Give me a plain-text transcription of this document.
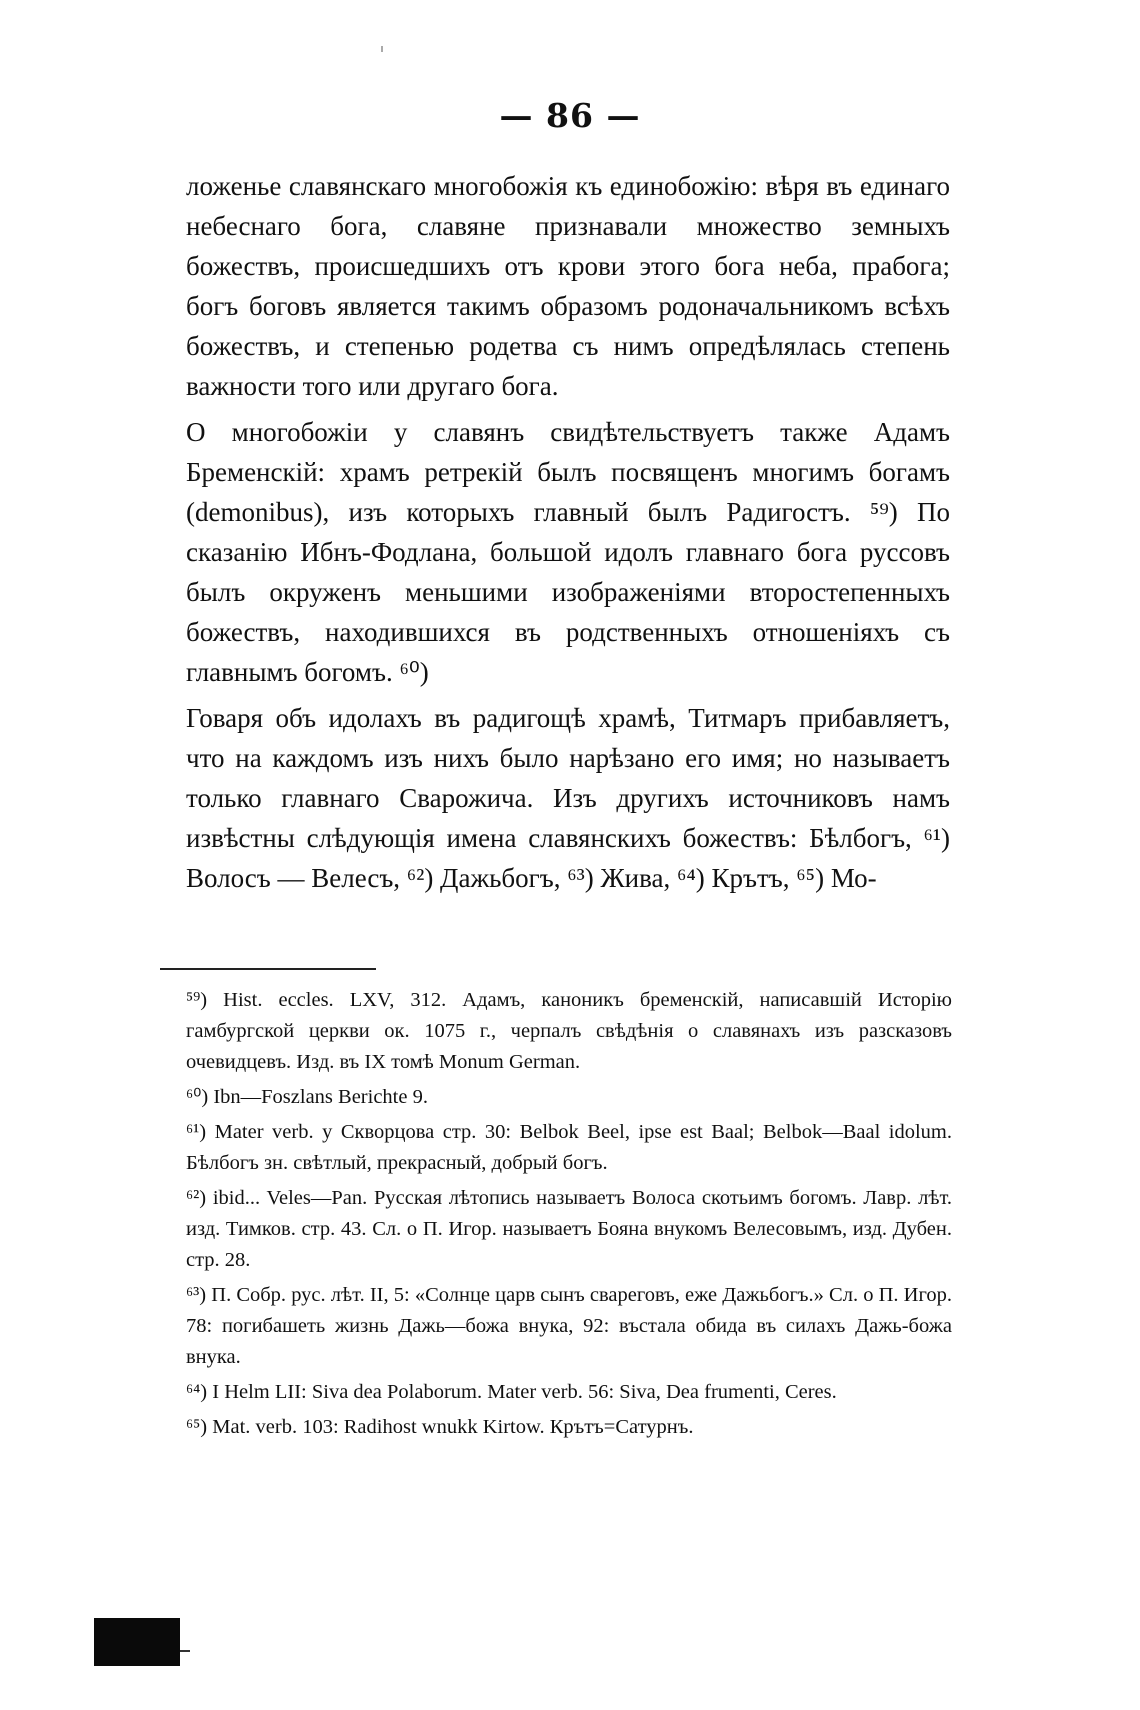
— 86 —

ложенье славянскаго многобожія къ единобожію: вѣря въ единаго небеснаго бога, славяне признавали множество земныхъ божествъ, происшедшихъ отъ крови этого бога неба, прабога; богъ боговъ является такимъ образомъ родоначальникомъ всѣхъ божествъ, и степенью родетва съ нимъ опредѣлялась степень важности того или другаго бога.

О многобожіи у славянъ свидѣтельствуетъ также Адамъ Бременскій: храмъ ретрекій былъ посвященъ многимъ богамъ (demonibus), изъ которыхъ главный былъ Радигостъ. ⁵⁹) По сказанію Ибнъ-Фодлана, большой идолъ главнаго бога руссовъ былъ окруженъ меньшими изображеніями второстепенныхъ божествъ, находившихся въ родственныхъ отношеніяхъ съ главнымъ богомъ. ⁶⁰)

Говаря объ идолахъ въ радигощѣ храмѣ, Титмаръ прибавляетъ, что на каждомъ изъ нихъ было нарѣзано его имя; но называетъ только главнаго Сварожича. Изъ другихъ источниковъ намъ извѣстны слѣдующія имена славянскихъ божествъ: Бѣлбогъ, ⁶¹) Волосъ — Велесъ, ⁶²) Дажьбогъ, ⁶³) Жива, ⁶⁴) Крътъ, ⁶⁵) Мо-

⁵⁹) Hist. eccles. LXV, 312. Адамъ, каноникъ бременскій, написавшій Исторію гамбургской церкви ок. 1075 г., черпалъ свѣдѣнія о славянахъ изъ разсказовъ очевидцевъ. Изд. въ IX томѣ Monum German.

⁶⁰) Ibn—Foszlans Berichte 9.

⁶¹) Mater verb. у Скворцова стр. 30: Belbok Beel, ipse est Baal; Belbok—Baal idolum. Бѣлбогъ зн. свѣтлый, прекрасный, добрый богъ.

⁶²) ibid... Veles—Pan. Русская лѣтопись называетъ Волоса скотьимъ богомъ. Лавр. лѣт. изд. Тимков. стр. 43. Сл. о П. Игор. называетъ Бояна внукомъ Велесовымъ, изд. Дубен. стр. 28.

⁶³) П. Собр. рус. лѣт. II, 5: «Солнце царв сынъ свареговъ, еже Дажьбогъ.» Сл. о П. Игор. 78: погибашеть жизнь Дажь—божа внука, 92: въстала обида въ силахъ Дажь-божа внука.

⁶⁴) I Helm LII: Siva dea Polaborum. Mater verb. 56: Siva, Dea frumenti, Ceres.

⁶⁵) Mat. verb. 103: Radihost wnukk Kirtow. Крътъ=Сатурнъ.
